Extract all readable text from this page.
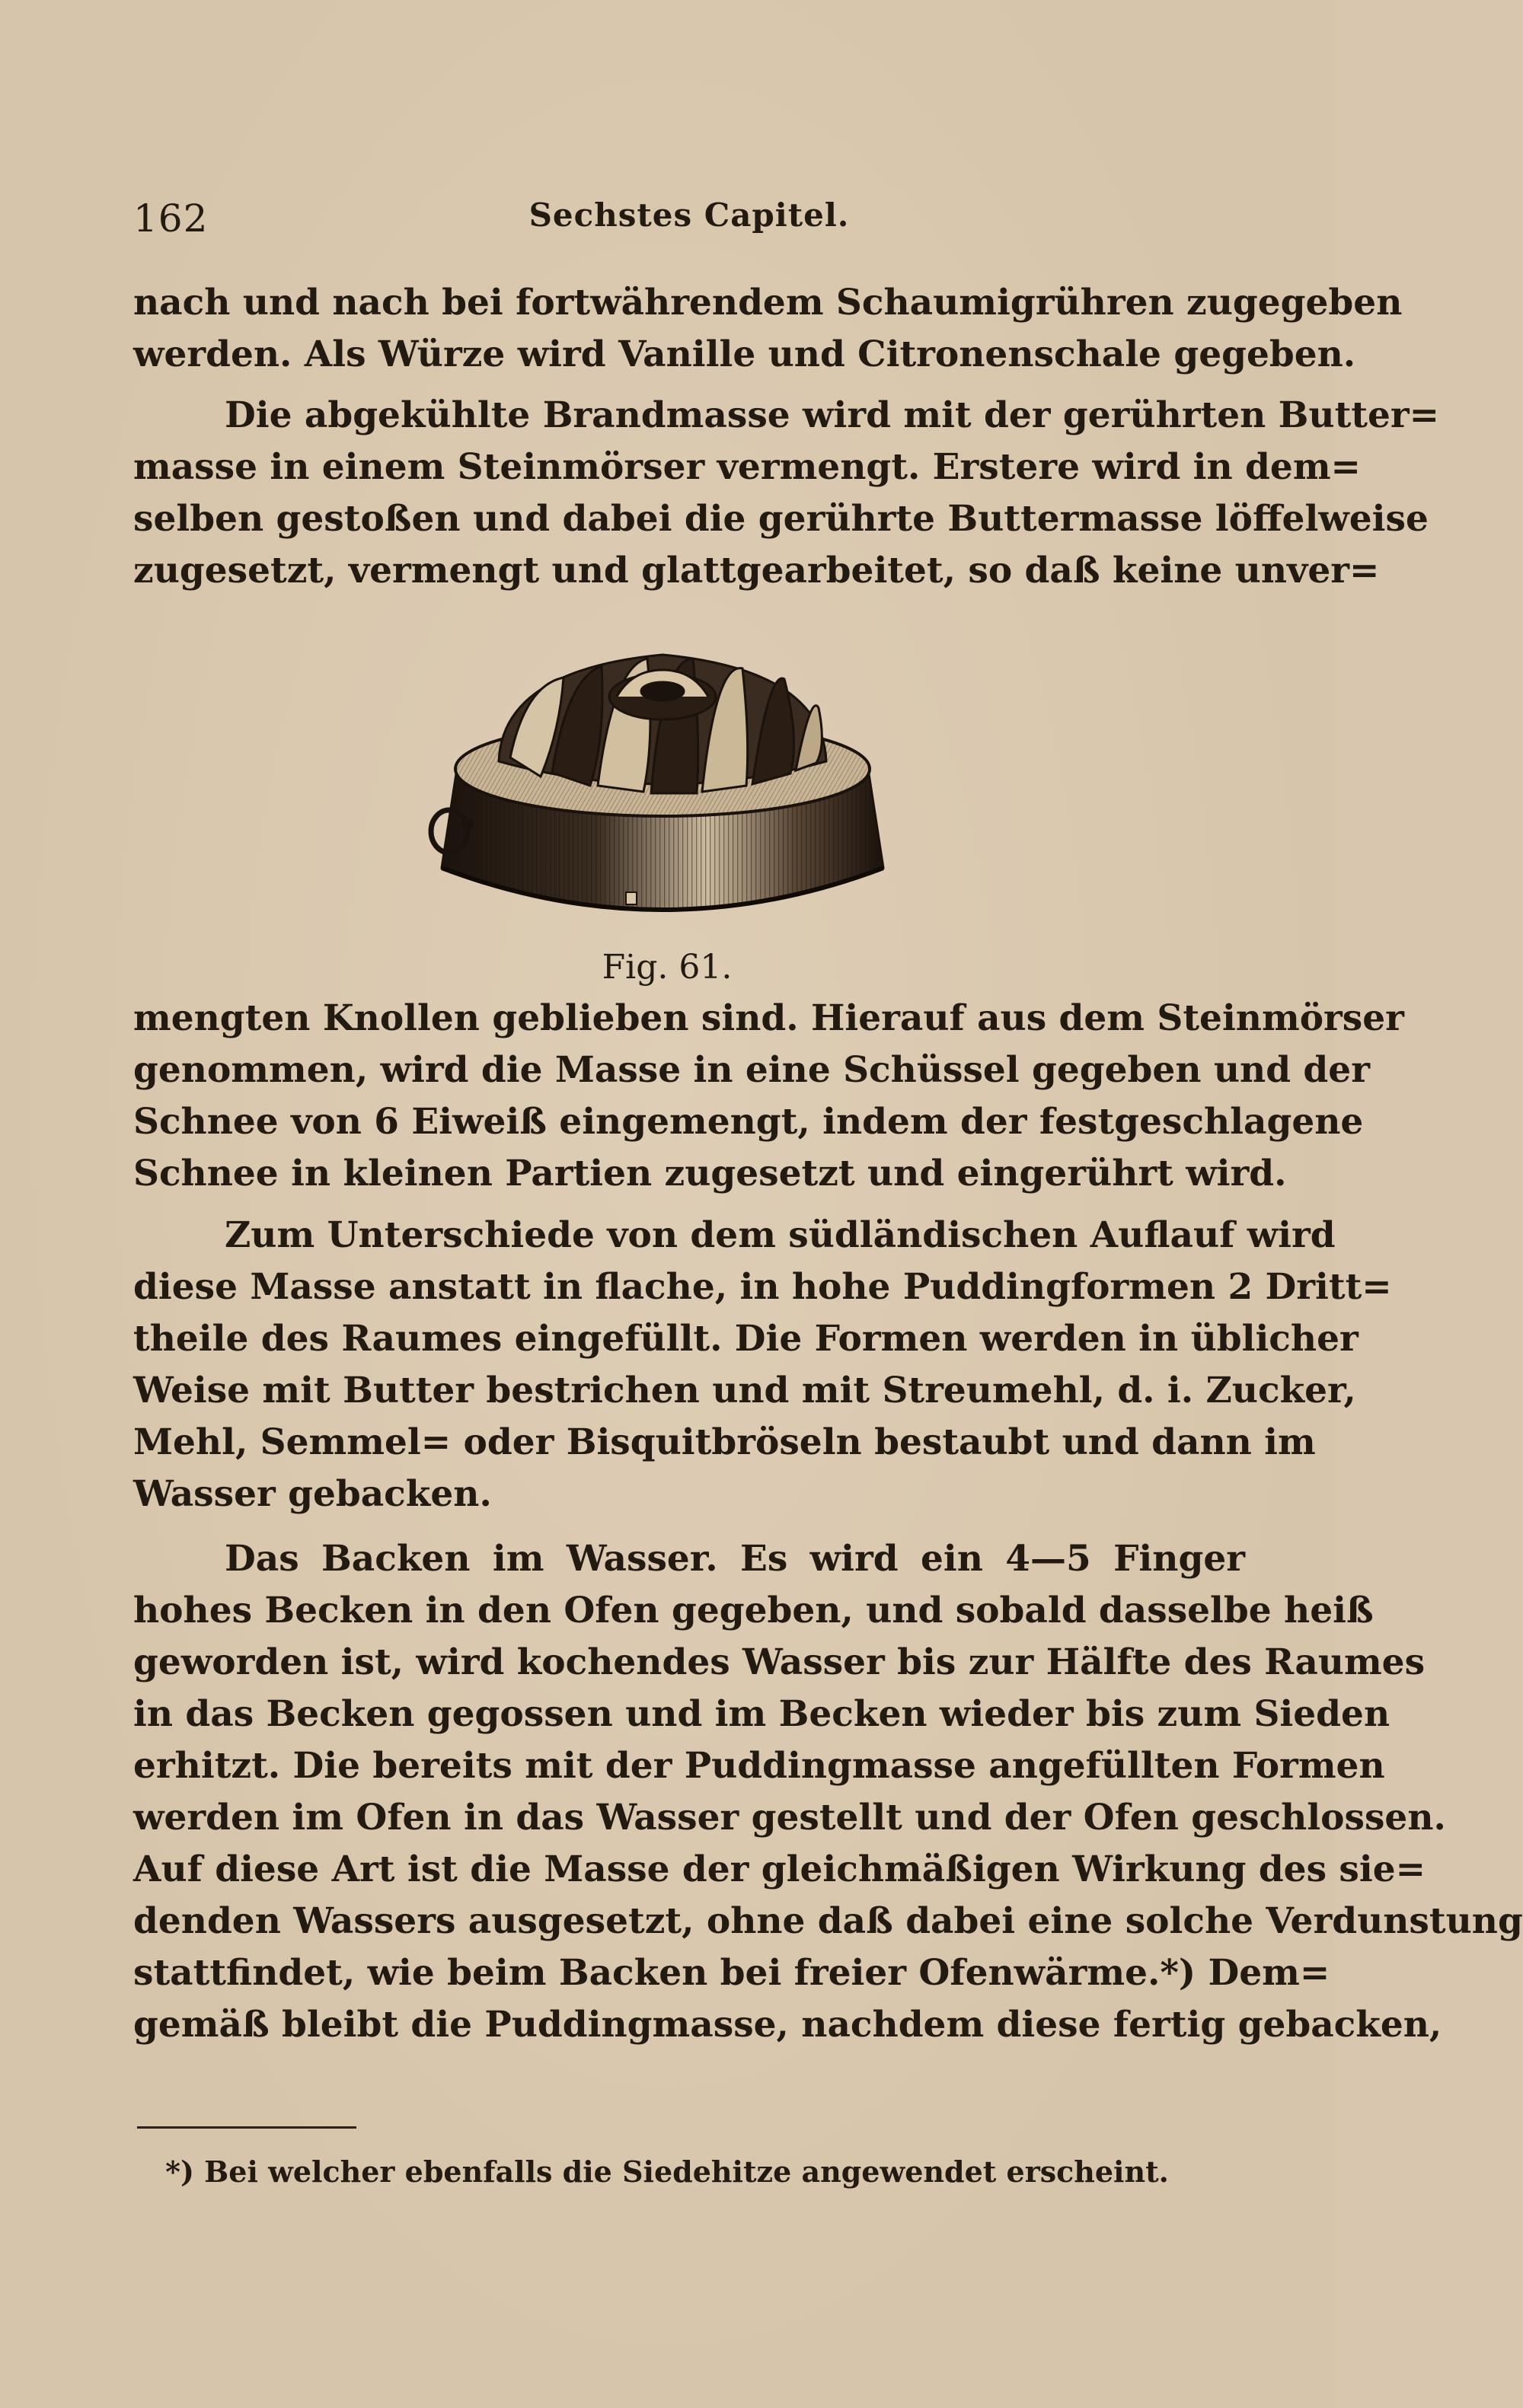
162	Sechstes Capitel.
nach und nach bei fortwährendem Schaumigrühren zugegeben
werden. Als Würze wird Vanille und Citronenschale gegeben.
Die abgekühlte Brandmasse wird mit der gerührten Butter=
masse in einem Steinmörser vermengt. Erstere wird in dem=
selben gestoßen und dabei die gerührte Buttermasse löffelweise
zugesetzt, vermengt und glattgearbeitet, so daß keine unver=
Fig. 61.
mengten Knollen geblieben sind. Hierauf aus dem Steinmörser
genommen, wird die Masse in eine Schüssel gegeben und der
Schnee von 6 Eiweiß eingemengt, indem der festgeschlagene
Schnee in kleinen Partien zugesetzt und eingerührt wird.
Zum Unterschiede von dem südländischen Auflauf wird
diese Masse anstatt in flache, in hohe Puddingformen 2 Dritt=
theile des Raumes eingefüllt. Die Formen werden in üblicher
Weise mit Butter bestrichen und mit Streumehl, d. i. Zucker,
Mehl, Semmel= oder Bisquitbröseln bestaubt und dann im
Wasser gebacken.
Das Backen im Wasser. Es wird ein 4—5 Finger
hohes Becken in den Ofen gegeben, und sobald dasselbe heiß
geworden ist, wird kochendes Wasser bis zur Hälfte des Raumes
in das Becken gegossen und im Becken wieder bis zum Sieden
erhitzt. Die bereits mit der Puddingmasse angefüllten Formen
werden im Ofen in das Wasser gestellt und der Ofen geschlossen.
Auf diese Art ist die Masse der gleichmäßigen Wirkung des sie=
denden Wassers ausgesetzt, ohne daß dabei eine solche Verdunstung
stattfindet, wie beim Backen bei freier Ofenwärme.*) Dem=
gemäß bleibt die Puddingmasse, nachdem diese fertig gebacken,
*) Bei welcher ebenfalls die Siedehitze angewendet erscheint.
